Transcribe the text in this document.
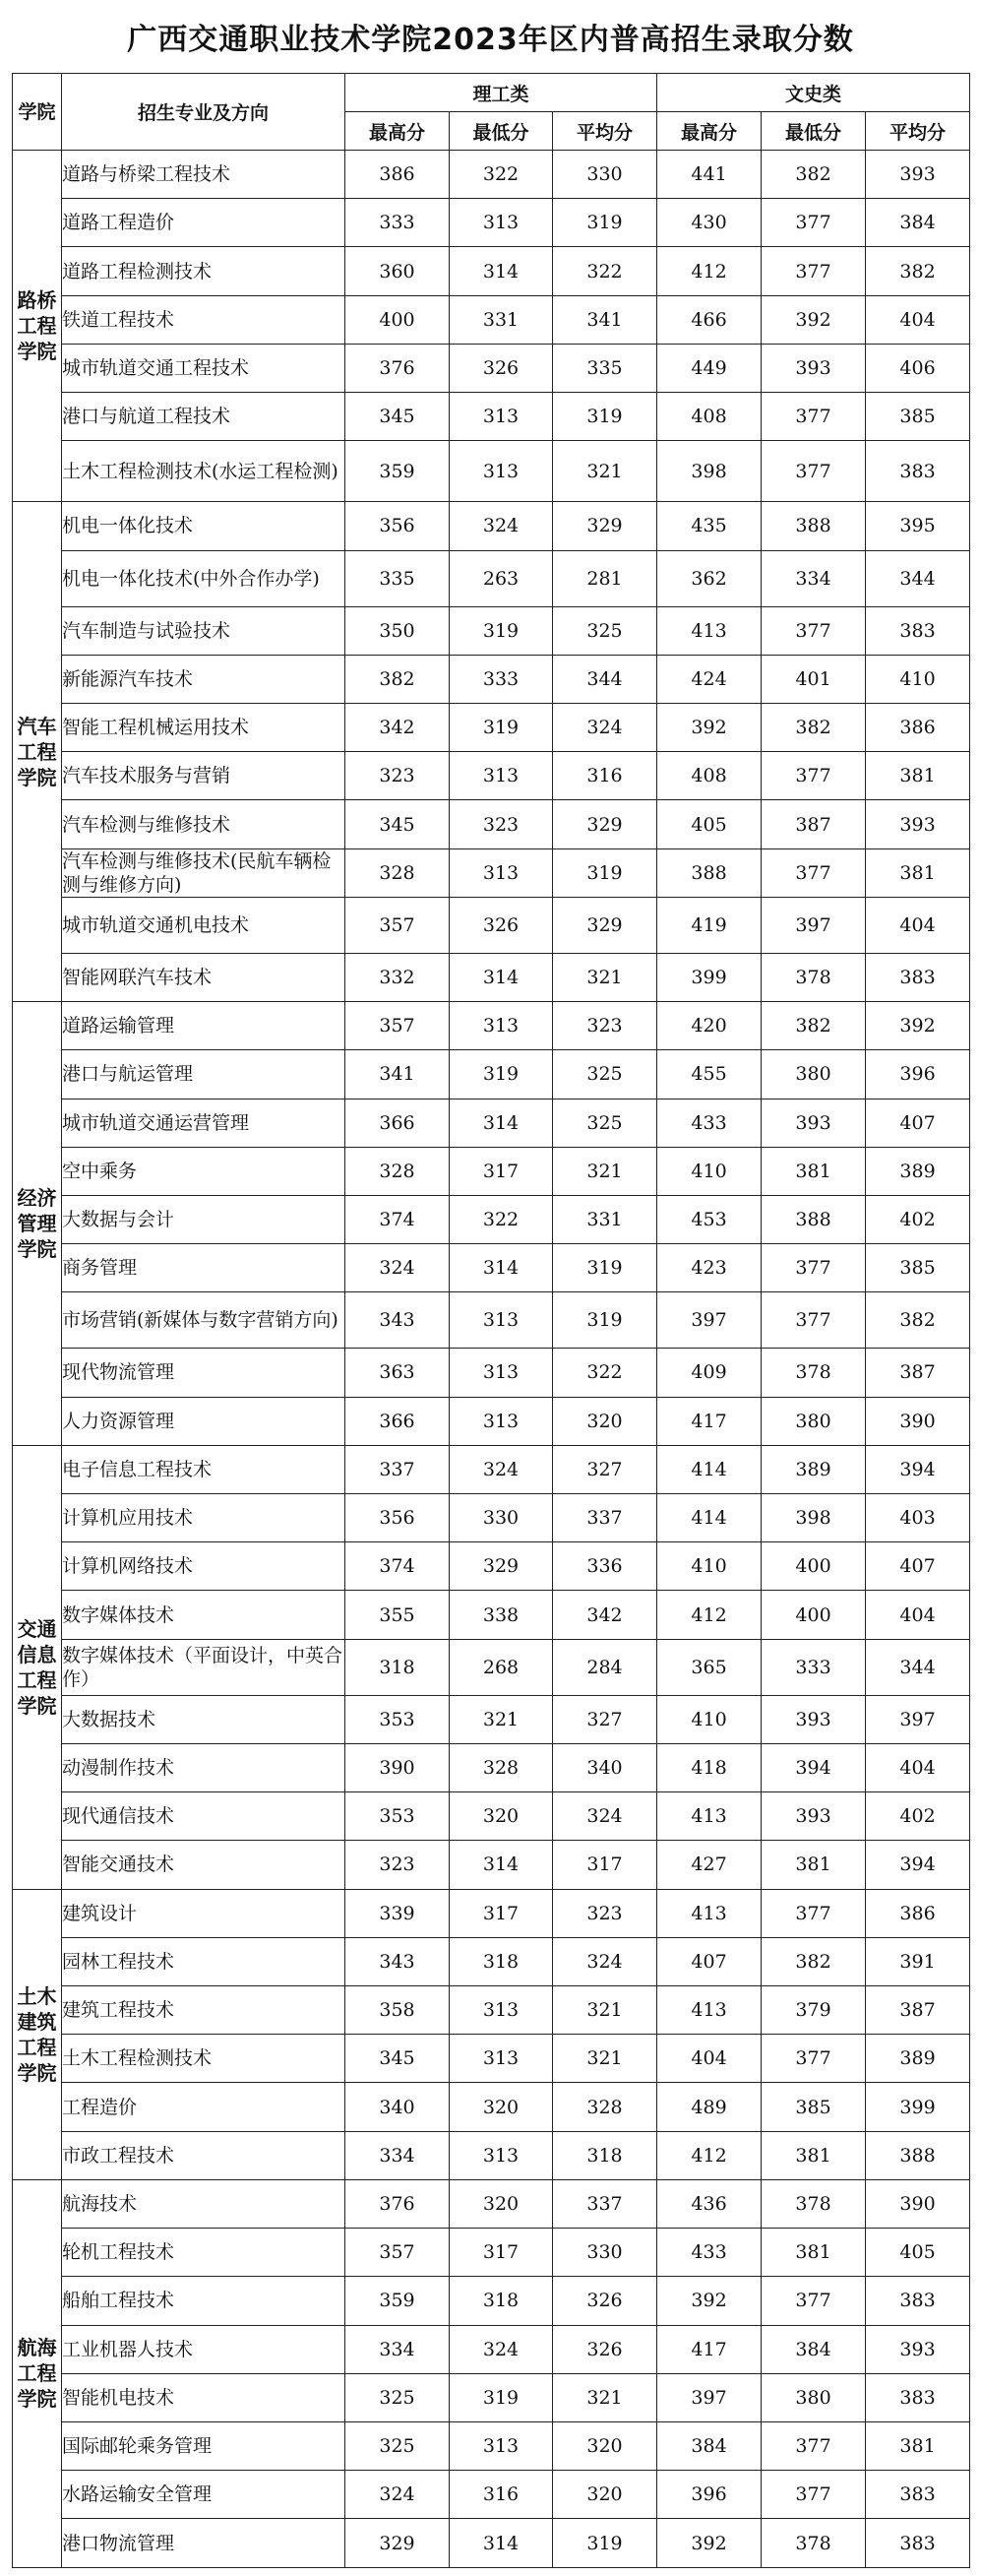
广西交通职业技术学院2023年区内普高招生录取分数
学院	招生专业及方向	理工类			文史类		
		最高分	最低分	平均分	最高分	最低分	平均分
路桥工程学院	道路与桥梁工程技术	386	322	330	441	382	393
	道路工程造价	333	313	319	430	377	384
	道路工程检测技术	360	314	322	412	377	382
	铁道工程技术	400	331	341	466	392	404
	城市轨道交通工程技术	376	326	335	449	393	406
	港口与航道工程技术	345	313	319	408	377	385
	土木工程检测技术(水运工程检测)	359	313	321	398	377	383
汽车工程学院	机电一体化技术	356	324	329	435	388	395
	机电一体化技术(中外合作办学)	335	263	281	362	334	344
	汽车制造与试验技术	350	319	325	413	377	383
	新能源汽车技术	382	333	344	424	401	410
	智能工程机械运用技术	342	319	324	392	382	386
	汽车技术服务与营销	323	313	316	408	377	381
	汽车检测与维修技术	345	323	329	405	387	393
	汽车检测与维修技术(民航车辆检测与维修方向)	328	313	319	388	377	381
	城市轨道交通机电技术	357	326	329	419	397	404
	智能网联汽车技术	332	314	321	399	378	383
经济管理学院	道路运输管理	357	313	323	420	382	392
	港口与航运管理	341	319	325	455	380	396
	城市轨道交通运营管理	366	314	325	433	393	407
	空中乘务	328	317	321	410	381	389
	大数据与会计	374	322	331	453	388	402
	商务管理	324	314	319	423	377	385
	市场营销(新媒体与数字营销方向)	343	313	319	397	377	382
	现代物流管理	363	313	322	409	378	387
	人力资源管理	366	313	320	417	380	390
交通信息工程学院	电子信息工程技术	337	324	327	414	389	394
	计算机应用技术	356	330	337	414	398	403
	计算机网络技术	374	329	336	410	400	407
	数字媒体技术	355	338	342	412	400	404
	数字媒体技术（平面设计，中英合作）	318	268	284	365	333	344
	大数据技术	353	321	327	410	393	397
	动漫制作技术	390	328	340	418	394	404
	现代通信技术	353	320	324	413	393	402
	智能交通技术	323	314	317	427	381	394
土木建筑工程学院	建筑设计	339	317	323	413	377	386
	园林工程技术	343	318	324	407	382	391
	建筑工程技术	358	313	321	413	379	387
	土木工程检测技术	345	313	321	404	377	389
	工程造价	340	320	328	489	385	399
	市政工程技术	334	313	318	412	381	388
航海工程学院	航海技术	376	320	337	436	378	390
	轮机工程技术	357	317	330	433	381	405
	船舶工程技术	359	318	326	392	377	383
	工业机器人技术	334	324	326	417	384	393
	智能机电技术	325	319	321	397	380	383
	国际邮轮乘务管理	325	313	320	384	377	381
	水路运输安全管理	324	316	320	396	377	383
	港口物流管理	329	314	319	392	378	383
